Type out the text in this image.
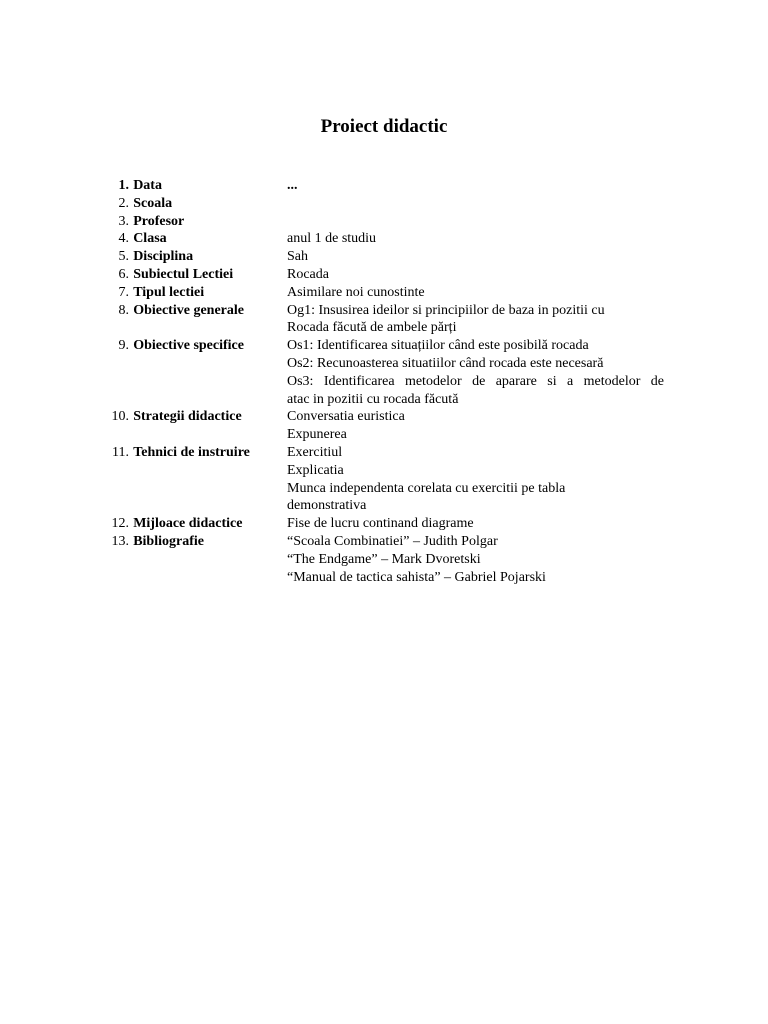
Proiect didactic
1. Data	...
2. Scoala
3. Profesor
4. Clasa	anul 1 de studiu
5. Disciplina	Sah
6. Subiectul Lectiei	Rocada
7. Tipul lectiei	Asimilare noi cunostinte
8. Obiective generale	Og1: Insusirea ideilor si principiilor de baza in pozitii cu
Rocada făcută de ambele părți
9. Obiective specifice	Os1: Identificarea situațiilor când este posibilă rocada
Os2: Recunoasterea situatiilor când rocada este necesară
Os3: Identificarea metodelor de aparare si a metodelor de
atac in pozitii cu rocada făcută
10. Strategii didactice	Conversatia euristica
Expunerea
11. Tehnici de instruire	Exercitiul
Explicatia
Munca independenta corelata cu exercitii pe tabla
demonstrativa
12. Mijloace didactice	Fise de lucru continand diagrame
13. Bibliografie	“Scoala Combinatiei” – Judith Polgar
“The Endgame” – Mark Dvoretski
“Manual de tactica sahista” – Gabriel Pojarski
